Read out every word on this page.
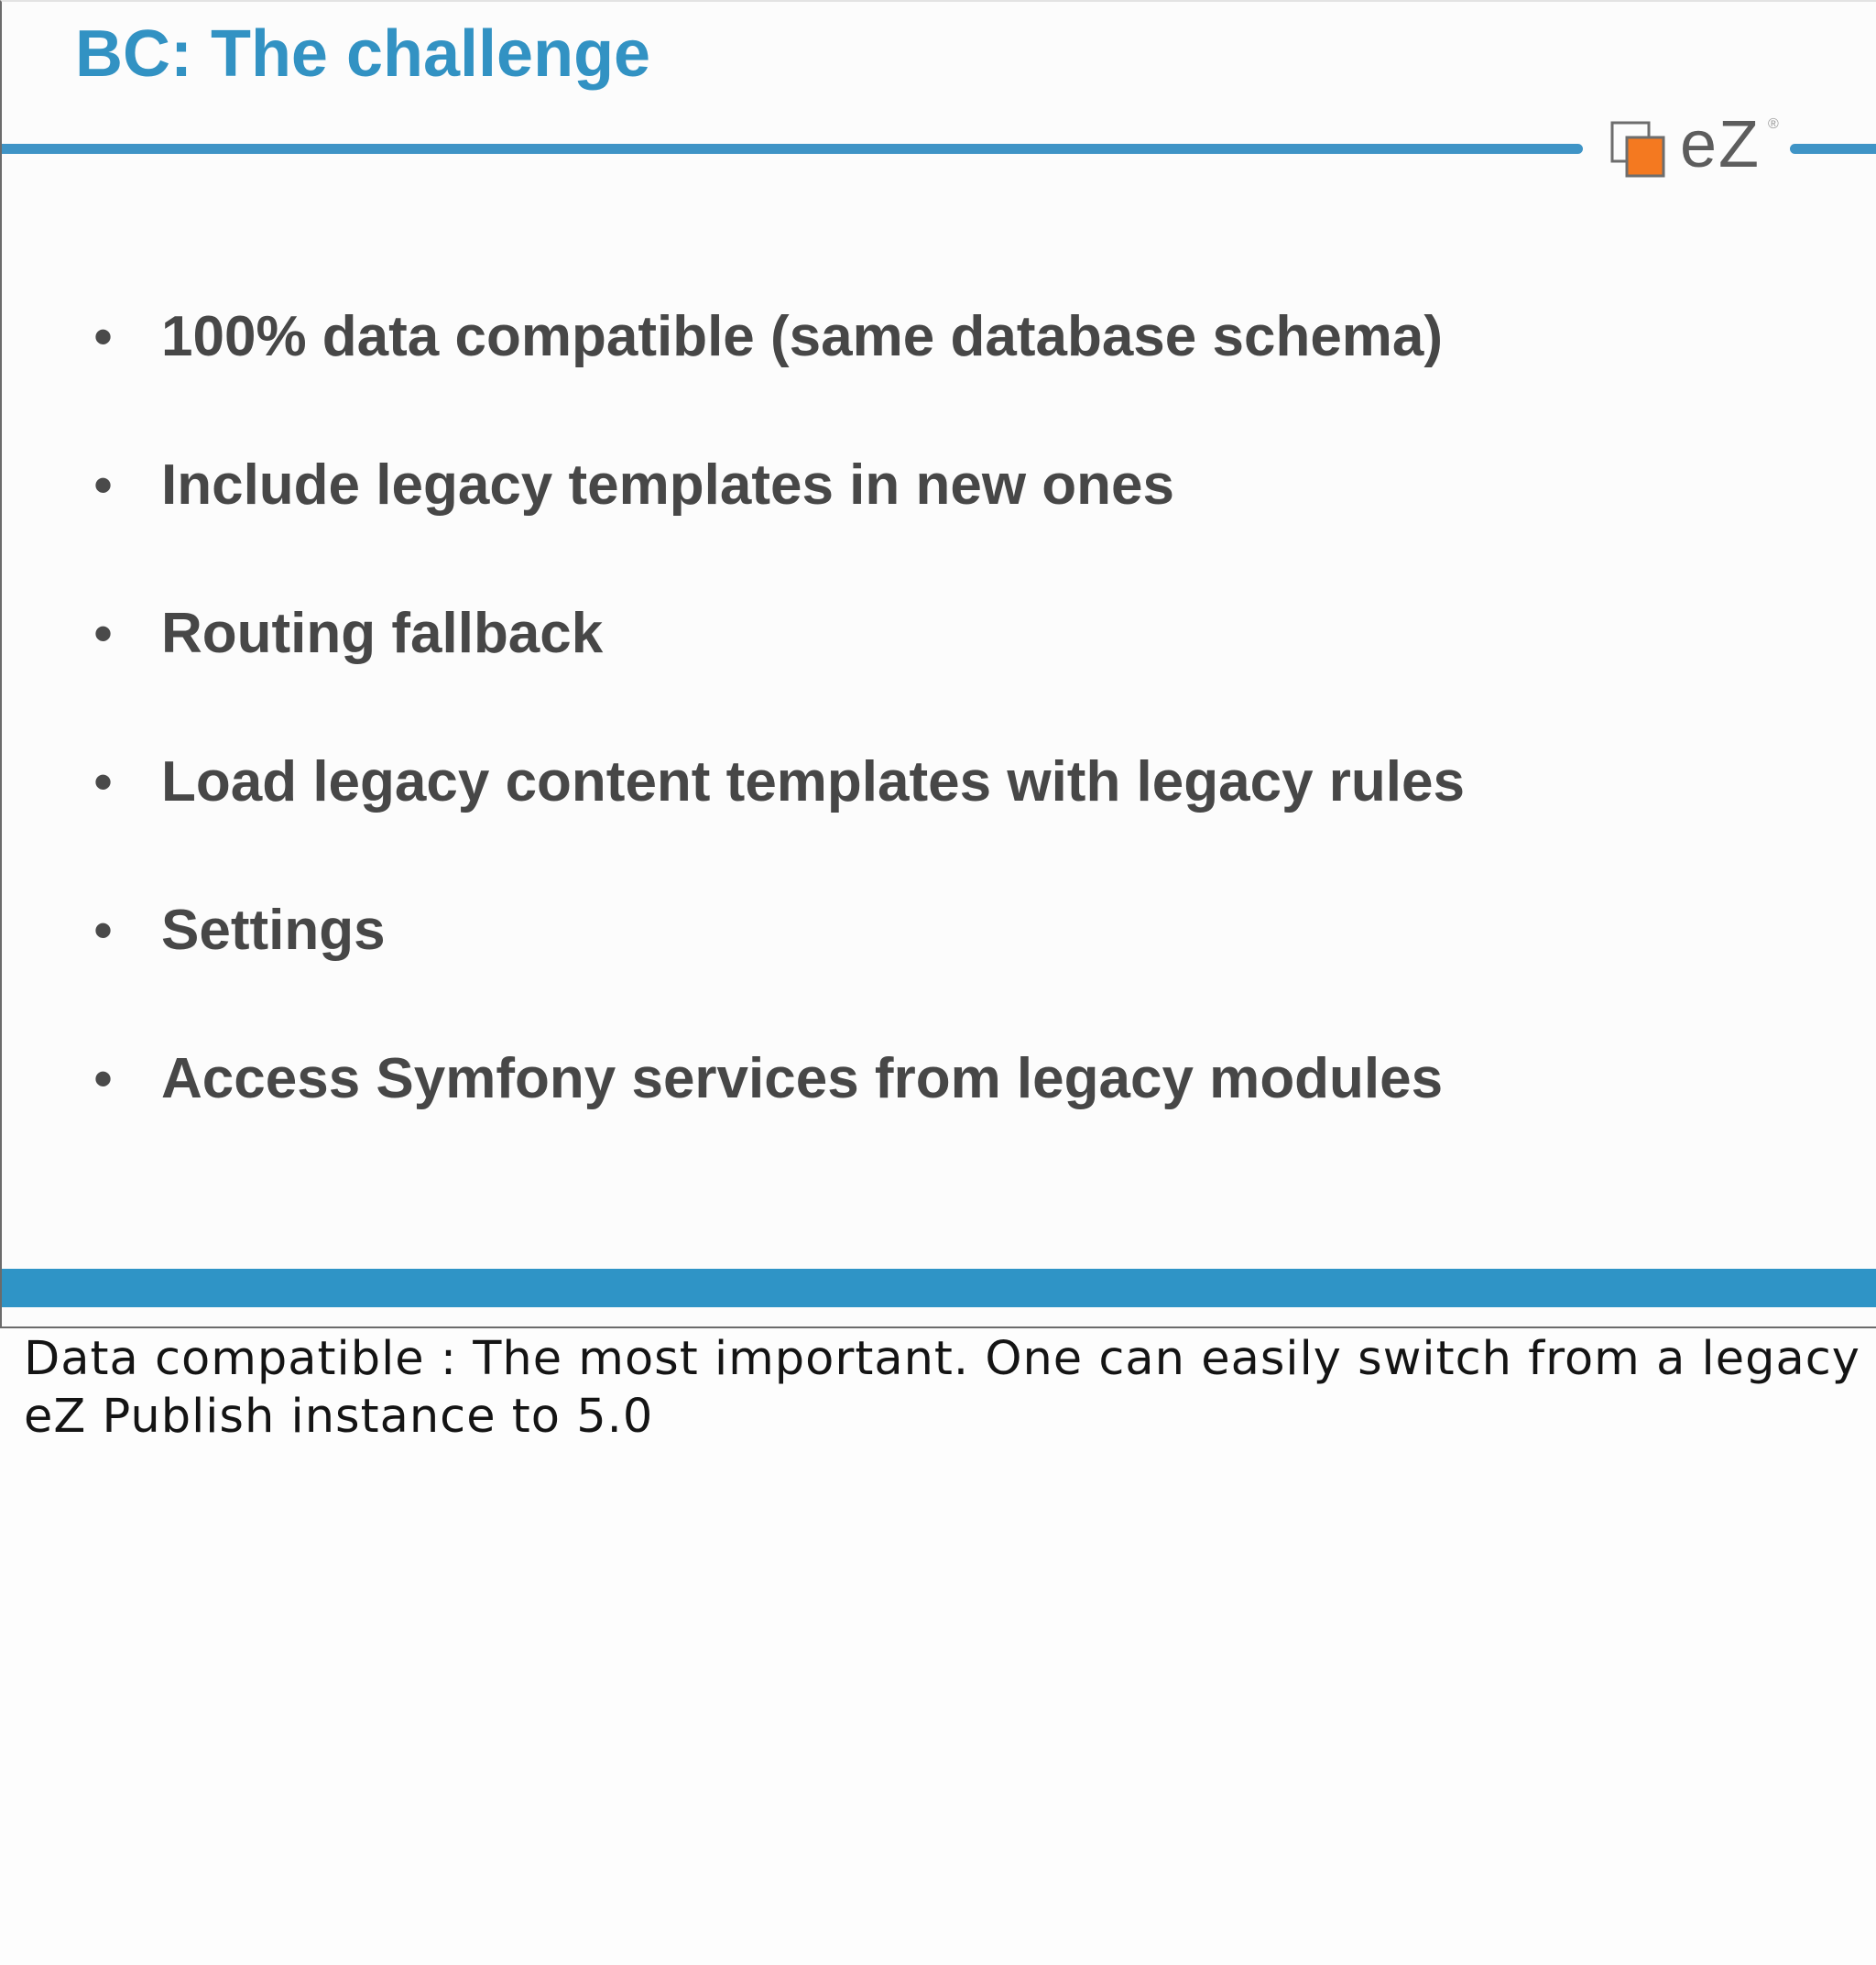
BC: The challenge
eZ ®
• 100% data compatible (same database schema)
• Include legacy templates in new ones
• Routing fallback
• Load legacy content templates with legacy rules
• Settings
• Access Symfony services from legacy modules

Data compatible : The most important. One can easily switch from a legacy
eZ Publish instance to 5.0
